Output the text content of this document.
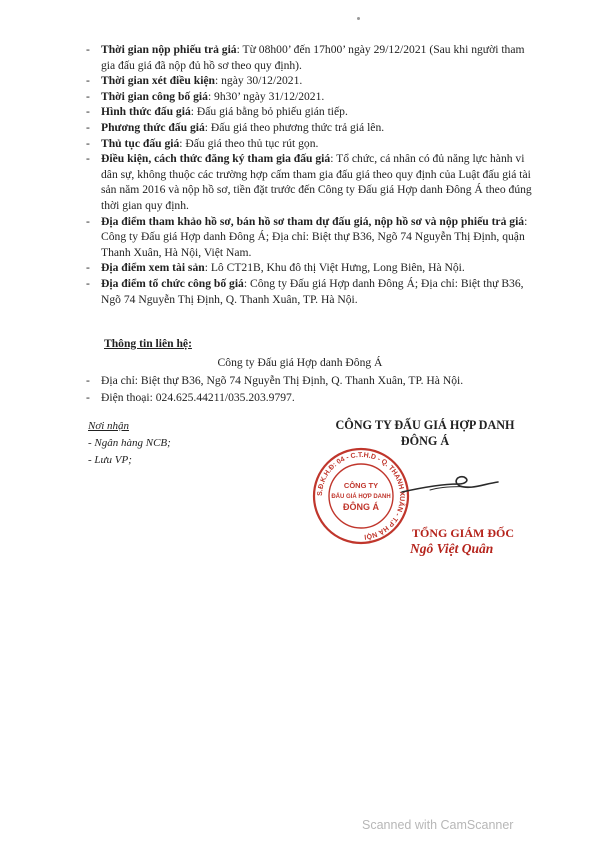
- Thời gian nộp phiếu trả giá: Từ 08h00’ đến 17h00’ ngày 29/12/2021 (Sau khi người tham gia đấu giá đã nộp đủ hồ sơ theo quy định).

- Thời gian xét điều kiện: ngày 30/12/2021.

- Thời gian công bố giá: 9h30’ ngày 31/12/2021.

- Hình thức đấu giá: Đấu giá bằng bỏ phiếu gián tiếp.

- Phương thức đấu giá: Đấu giá theo phương thức trả giá lên.

- Thủ tục đấu giá: Đấu giá theo thủ tục rút gọn.

- Điều kiện, cách thức đăng ký tham gia đấu giá: Tổ chức, cá nhân có đủ năng lực hành vi dân sự, không thuộc các trường hợp cấm tham gia đấu giá theo quy định của Luật đấu giá tài sản năm 2016 và nộp hồ sơ, tiền đặt trước đến Công ty Đấu giá Hợp danh Đông Á theo đúng thời gian quy định.

- Địa điểm tham khảo hồ sơ, bán hồ sơ tham dự đấu giá, nộp hồ sơ và nộp phiếu trả giá: Công ty Đấu giá Hợp danh Đông Á; Địa chỉ: Biệt thự B36, Ngõ 74 Nguyễn Thị Định, quận Thanh Xuân, Hà Nội, Việt Nam.

- Địa điểm xem tài sản: Lô CT21B, Khu đô thị Việt Hưng, Long Biên, Hà Nội.

- Địa điểm tổ chức công bố giá: Công ty Đấu giá Hợp danh Đông Á; Địa chỉ: Biệt thự B36, Ngõ 74 Nguyễn Thị Định, Q. Thanh Xuân, TP. Hà Nội.

Thông tin liên hệ:
Công ty Đấu giá Hợp danh Đông Á

- Địa chỉ: Biệt thự B36, Ngõ 74 Nguyễn Thị Định, Q. Thanh Xuân, TP. Hà Nội.

- Điện thoại: 024.625.44211/035.203.9797.

Nơi nhận
- Ngân hàng NCB;
- Lưu VP;
CÔNG TY ĐẤU GIÁ HỢP DANH
ĐÔNG Á
S.Đ.K.H.Đ: 04 - C.T.H.D - Q. THANH XUÂN - T.P HÀ NỘI
CÔNG TY
ĐẤU GIÁ HỢP DANH
ĐÔNG Á
TỔNG GIÁM ĐỐC
Ngô Việt Quân
Scanned with CamScanner
